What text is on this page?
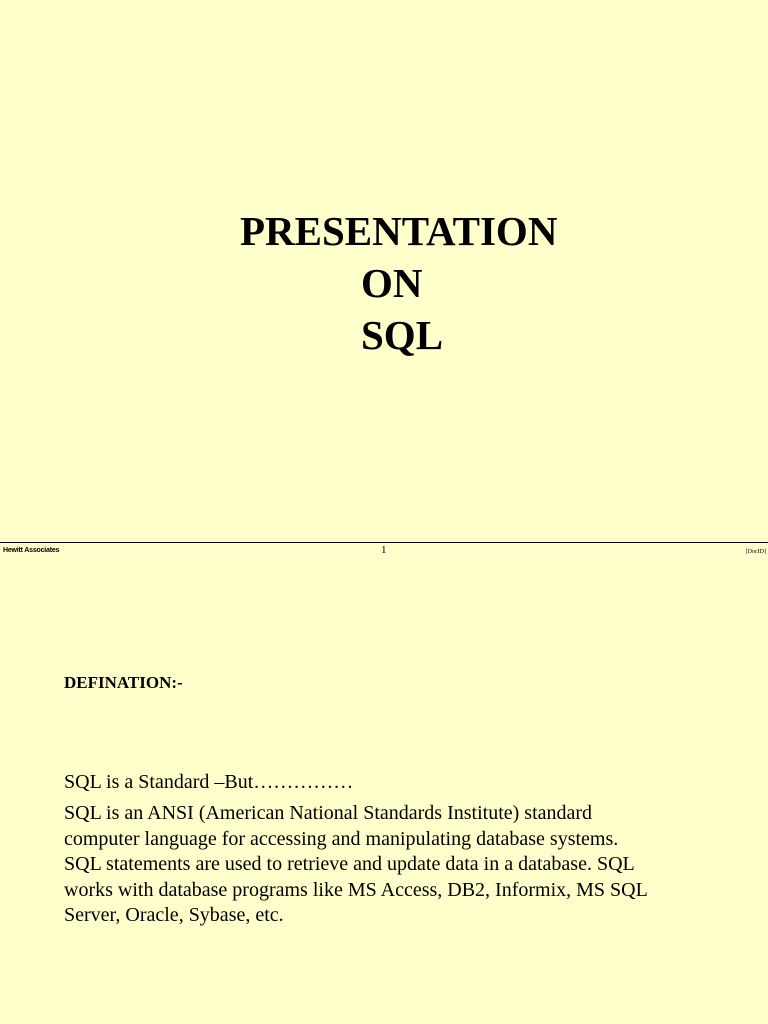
PRESENTATION
ON
SQL
Hewitt Associates	1	[DocID]
DEFINATION:-
SQL is a Standard –But……………
SQL is an ANSI (American National Standards Institute) standard
computer language for accessing and manipulating database systems.
SQL statements are used to retrieve and update data in a database. SQL
works with database programs like MS Access, DB2, Informix, MS SQL
Server, Oracle, Sybase, etc.
